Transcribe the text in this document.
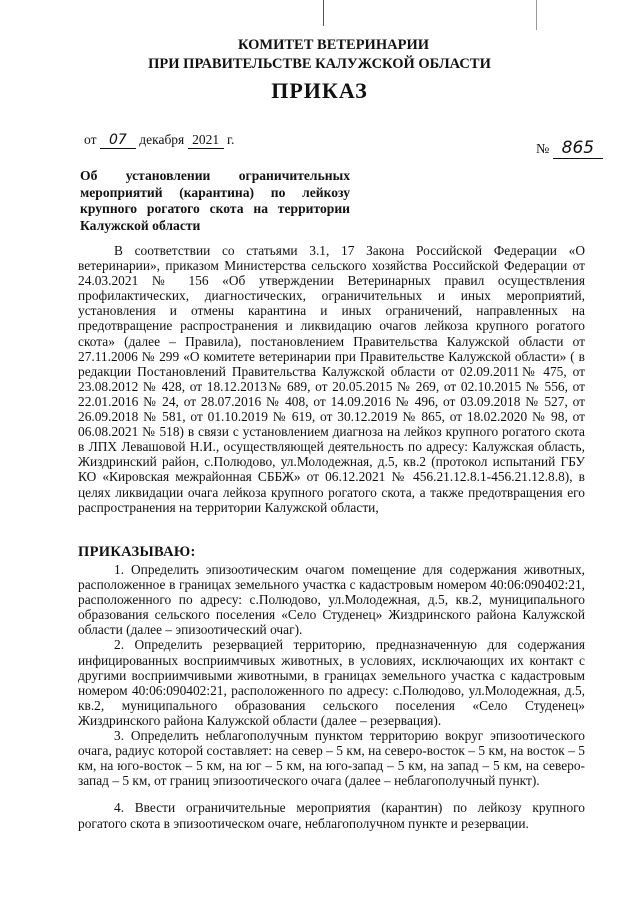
КОМИТЕТ ВЕТЕРИНАРИИ
ПРИ ПРАВИТЕЛЬСТВЕ КАЛУЖСКОЙ ОБЛАСТИ
ПРИКАЗ
от 07 декабря 2021 г.
№ 865
Об установлении ограничительных
мероприятий (карантина) по лейкозу
крупного рогатого скота на территории
Калужской области

В соответствии со статьями 3.1, 17 Закона Российской Федерации «О ветеринарии», приказом Министерства сельского хозяйства Российской Федерации от 24.03.2021 № 156 «Об утверждении Ветеринарных правил осуществления профилактических, диагностических, ограничительных и иных мероприятий, установления и отмены карантина и иных ограничений, направленных на предотвращение распространения и ликвидацию очагов лейкоза крупного рогатого скота» (далее – Правила), постановлением Правительства Калужской области от 27.11.2006 № 299 «О комитете ветеринарии при Правительстве Калужской области» ( в редакции Постановлений Правительства Калужской области от 02.09.2011№ 475, от 23.08.2012 № 428, от 18.12.2013№ 689, от 20.05.2015 № 269, от 02.10.2015 № 556, от 22.01.2016 № 24, от 28.07.2016 № 408, от 14.09.2016 № 496, от 03.09.2018 № 527, от 26.09.2018 № 581, от 01.10.2019 № 619, от 30.12.2019 № 865, от 18.02.2020 № 98, от 06.08.2021 № 518) в связи с установлением диагноза на лейкоз крупного рогатого скота в ЛПХ Левашовой Н.И., осуществляющей деятельность по адресу: Калужская область, Жиздринский район, с.Полюдово, ул.Молодежная, д.5, кв.2 (протокол испытаний ГБУ КО «Кировская межрайонная СББЖ» от 06.12.2021 № 456.21.12.8.1-456.21.12.8.8), в целях ликвидации очага лейкоза крупного рогатого скота, а также предотвращения его распространения на территории Калужской области,

ПРИКАЗЫВАЮ:

1. Определить эпизоотическим очагом помещение для содержания животных, расположенное в границах земельного участка с кадастровым номером 40:06:090402:21, расположенного по адресу: с.Полюдово, ул.Молодежная, д.5, кв.2, муниципального образования сельского поселения «Село Студенец» Жиздринского района Калужской области (далее – эпизоотический очаг).

2. Определить резервацией территорию, предназначенную для содержания инфицированных восприимчивых животных, в условиях, исключающих их контакт с другими восприимчивыми животными, в границах земельного участка с кадастровым номером 40:06:090402:21, расположенного по адресу: с.Полюдово, ул.Молодежная, д.5, кв.2, муниципального образования сельского поселения «Село Студенец» Жиздринского района Калужской области (далее – резервация).

3. Определить неблагополучным пунктом территорию вокруг эпизоотического очага, радиус которой составляет: на север – 5 км, на северо-восток – 5 км, на восток – 5 км, на юго-восток – 5 км, на юг – 5 км, на юго-запад – 5 км, на запад – 5 км, на северо-запад – 5 км, от границ эпизоотического очага (далее – неблагополучный пункт).

4. Ввести ограничительные мероприятия (карантин) по лейкозу крупного рогатого скота в эпизоотическом очаге, неблагополучном пункте и резервации.
